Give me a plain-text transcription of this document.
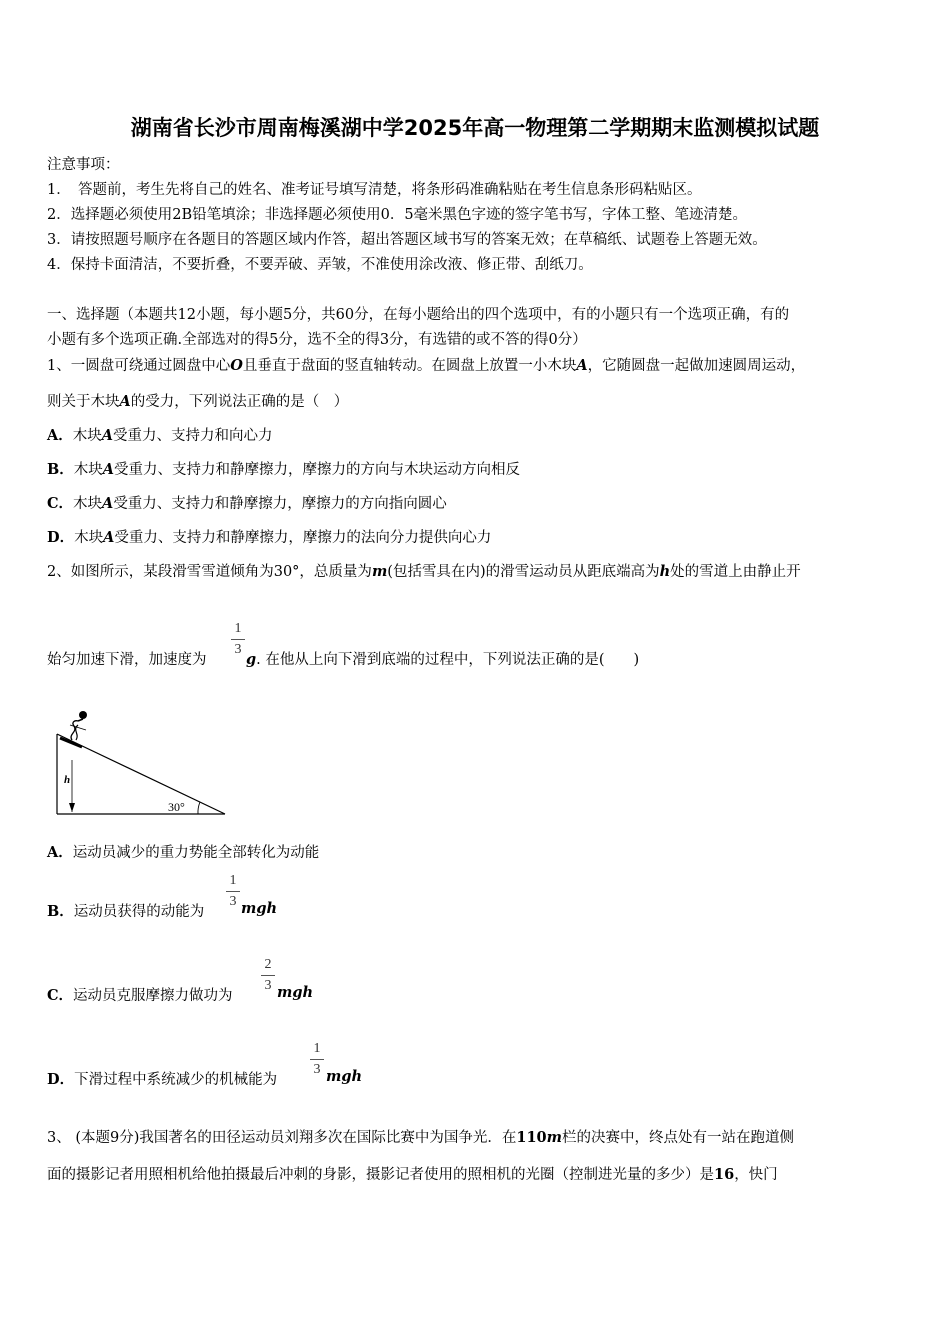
湖南省长沙市周南梅溪湖中学2025年高一物理第二学期期末监测模拟试题
注意事项：
1．　答题前，考生先将自己的姓名、准考证号填写清楚，将条形码准确粘贴在考生信息条形码粘贴区。
2．选择题必须使用2B铅笔填涂；非选择题必须使用0．5毫米黑色字迹的签字笔书写，字体工整、笔迹清楚。
3．请按照题号顺序在各题目的答题区域内作答，超出答题区域书写的答案无效；在草稿纸、试题卷上答题无效。
4．保持卡面清洁，不要折叠，不要弄破、弄皱，不准使用涂改液、修正带、刮纸刀。
一、选择题（本题共12小题，每小题5分，共60分，在每小题给出的四个选项中，有的小题只有一个选项正确，有的
小题有多个选项正确.全部选对的得5分，选不全的得3分，有选错的或不答的得0分）
1、一圆盘可绕通过圆盘中心O且垂直于盘面的竖直轴转动。在圆盘上放置一小木块A，它随圆盘一起做加速圆周运动，
则关于木块A的受力，下列说法正确的是（　）
A．木块A受重力、支持力和向心力
B．木块A受重力、支持力和静摩擦力，摩擦力的方向与木块运动方向相反
C．木块A受重力、支持力和静摩擦力，摩擦力的方向指向圆心
D．木块A受重力、支持力和静摩擦力，摩擦力的法向分力提供向心力
2、如图所示，某段滑雪雪道倾角为30°，总质量为m(包括雪具在内)的滑雪运动员从距底端高为h处的雪道上由静止开
1
3
始匀加速下滑，加速度为	g. 在他从上向下滑到底端的过程中，下列说法正确的是(　　)
h
30°
A．运动员减少的重力势能全部转化为动能
1
3
B．运动员获得的动能为	mgh
2
3
C．运动员克服摩擦力做功为	mgh
1
3
D．下滑过程中系统减少的机械能为	mgh
3、 (本题9分)我国著名的田径运动员刘翔多次在国际比赛中为国争光．在110m栏的决赛中，终点处有一站在跑道侧
面的摄影记者用照相机给他拍摄最后冲刺的身影，摄影记者使用的照相机的光圈（控制进光量的多少）是16，快门
